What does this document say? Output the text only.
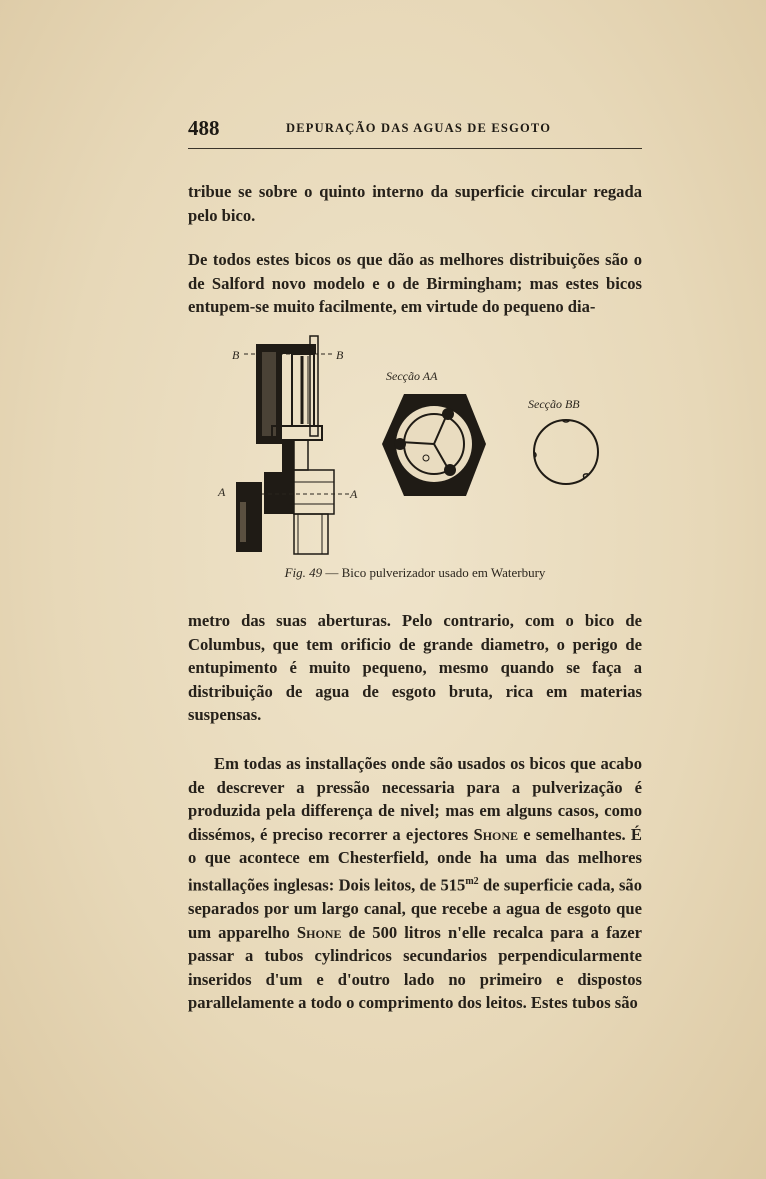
488	DEPURAÇÃO DAS AGUAS DE ESGOTO
tribue se sobre o quinto interno da superficie circular regada pelo bico.
De todos estes bicos os que dão as melhores distribuições são o de Salford novo modelo e o de Birmingham; mas estes bicos entupem-se muito facilmente, em virtude do pequeno dia-
B	B
A	A
Secção AA
Secção BB
Fig. 49 — Bico pulverizador usado em Waterbury
metro das suas aberturas. Pelo contrario, com o bico de Columbus, que tem orificio de grande diametro, o perigo de entupimento é muito pequeno, mesmo quando se faça a distribuição de agua de esgoto bruta, rica em materias suspensas.
Em todas as installações onde são usados os bicos que acabo de descrever a pressão necessaria para a pulverização é produzida pela differença de nivel; mas em alguns casos, como dissémos, é preciso recorrer a ejectores Shone e semelhantes. É o que acontece em Chesterfield, onde ha uma das melhores installações inglesas: Dois leitos, de $515^{m2}$ de superficie cada, são separados por um largo canal, que recebe a agua de esgoto que um apparelho Shone de 500 litros n'elle recalca para a fazer passar a tubos cylindricos secundarios perpendicularmente inseridos d'um e d'outro lado no primeiro e dispostos parallelamente a todo o comprimento dos leitos. Estes tubos são
